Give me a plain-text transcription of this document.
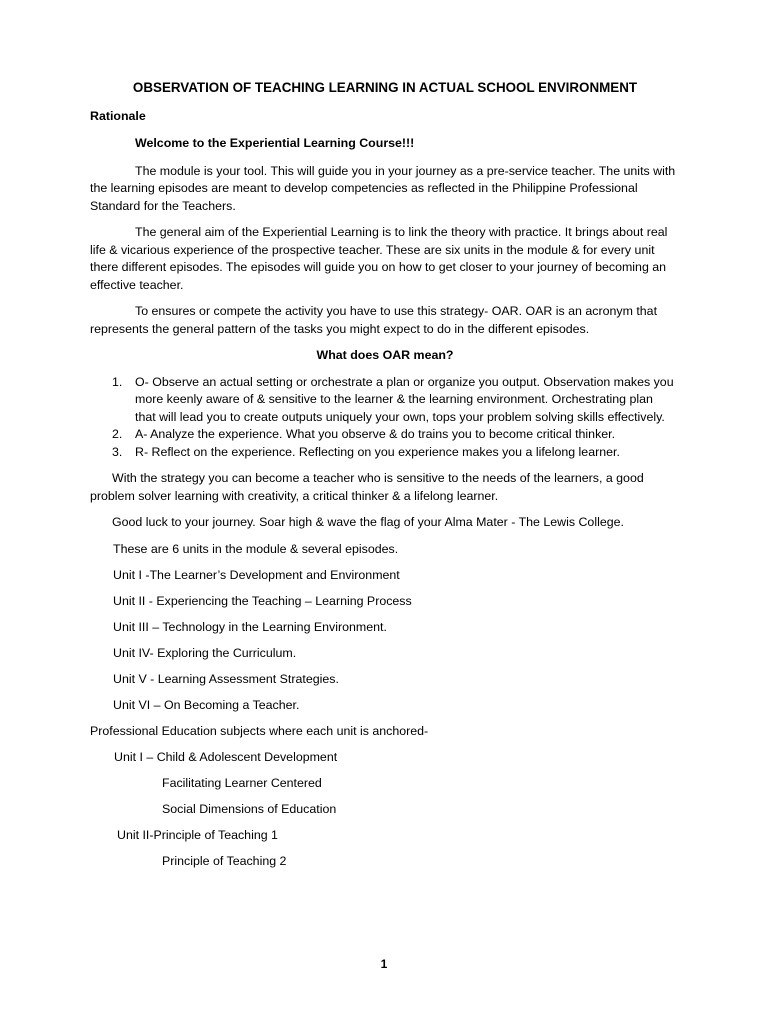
OBSERVATION OF TEACHING LEARNING IN ACTUAL SCHOOL ENVIRONMENT
Rationale
Welcome to the Experiential Learning Course!!!

The module is your tool. This will guide you in your journey as a pre-service teacher. The units with the learning episodes are meant to develop competencies as reflected in the Philippine Professional Standard for the Teachers.

The general aim of the Experiential Learning is to link the theory with practice. It brings about real life & vicarious experience of the prospective teacher. These are six units in the module & for every unit there different episodes. The episodes will guide you on how to get closer to your journey of becoming an effective teacher.

To ensures or compete the activity you have to use this strategy- OAR. OAR is an acronym that represents the general pattern of the tasks you might expect to do in the different episodes.

What does OAR mean?
1. O- Observe an actual setting or orchestrate a plan or organize you output. Observation makes you more keenly aware of & sensitive to the learner & the learning environment. Orchestrating plan that will lead you to create outputs uniquely your own, tops your problem solving skills effectively.
2. A- Analyze the experience. What you observe & do trains you to become critical thinker.
3. R- Reflect on the experience. Reflecting on you experience makes you a lifelong learner.

With the strategy you can become a teacher who is sensitive to the needs of the learners, a good problem solver learning with creativity, a critical thinker & a lifelong learner.

Good luck to your journey. Soar high & wave the flag of your Alma Mater - The Lewis College.

These are 6 units in the module & several episodes.
Unit I -The Learner’s Development and Environment
Unit II - Experiencing the Teaching – Learning Process
Unit III – Technology in the Learning Environment.
Unit IV- Exploring the Curriculum.
Unit V - Learning Assessment Strategies.
Unit VI – On Becoming a Teacher.
Professional Education subjects where each unit is anchored-
Unit I – Child & Adolescent Development
Facilitating Learner Centered
Social Dimensions of Education
Unit II-Principle of Teaching 1
Principle of Teaching 2
1
